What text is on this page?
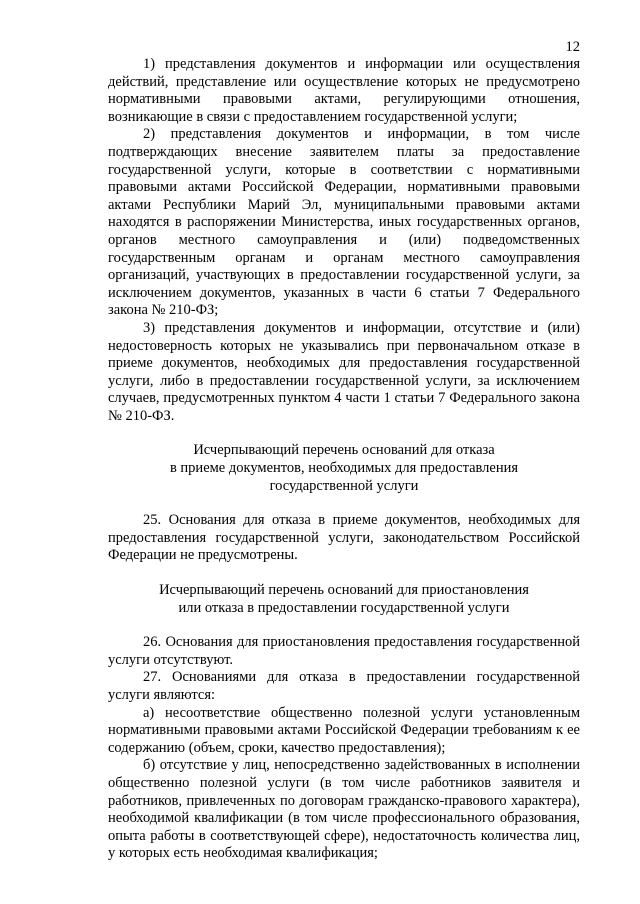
12

1) представления документов и информации или осуществления действий, представление или осуществление которых не предусмотрено нормативными правовыми актами, регулирующими отношения, возникающие в связи с предоставлением государственной услуги;

2) представления документов и информации, в том числе подтверждающих внесение заявителем платы за предоставление государственной услуги, которые в соответствии с нормативными правовыми актами Российской Федерации, нормативными правовыми актами Республики Марий Эл, муниципальными правовыми актами находятся в распоряжении Министерства, иных государственных органов, органов местного самоуправления и (или) подведомственных государственным органам и органам местного самоуправления организаций, участвующих в предоставлении государственной услуги, за исключением документов, указанных в части 6 статьи 7 Федерального закона № 210-ФЗ;

3) представления документов и информации, отсутствие и (или) недостоверность которых не указывались при первоначальном отказе в приеме документов, необходимых для предоставления государственной услуги, либо в предоставлении государственной услуги, за исключением случаев, предусмотренных пунктом 4 части 1 статьи 7 Федерального закона № 210-ФЗ.

Исчерпывающий перечень оснований для отказа

в приеме документов, необходимых для предоставления

государственной услуги

25. Основания для отказа в приеме документов, необходимых для предоставления государственной услуги, законодательством Российской Федерации не предусмотрены.

Исчерпывающий перечень оснований для приостановления

или отказа в предоставлении государственной услуги

26. Основания для приостановления предоставления государственной услуги отсутствуют.

27. Основаниями для отказа в предоставлении государственной услуги являются:

а) несоответствие общественно полезной услуги установленным нормативными правовыми актами Российской Федерации требованиям к ее содержанию (объем, сроки, качество предоставления);

б) отсутствие у лиц, непосредственно задействованных в исполнении общественно полезной услуги (в том числе работников заявителя и работников, привлеченных по договорам гражданско-правового характера), необходимой квалификации (в том числе профессионального образования, опыта работы в соответствующей сфере), недостаточность количества лиц, у которых есть необходимая квалификация;
